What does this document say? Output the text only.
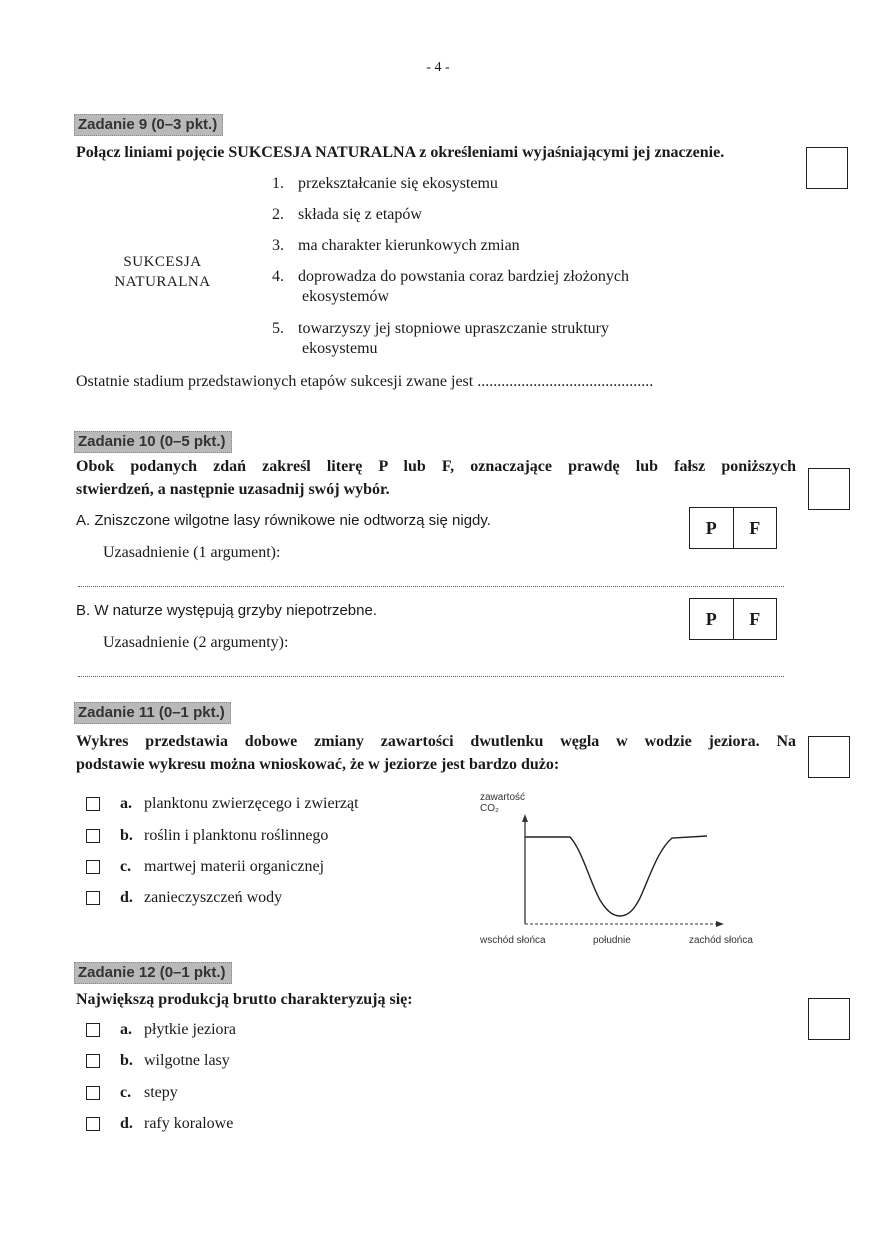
- 4 -
Zadanie 9 (0–3 pkt.)
Połącz liniami pojęcie SUKCESJA NATURALNA z określeniami wyjaśniającymi jej znaczenie.
SUKCESJA
NATURALNA
1. przekształcanie się ekosystemu
2. składa się z etapów
3. ma charakter kierunkowych zmian
4. doprowadza do powstania coraz bardziej złożonych
ekosystemów
5. towarzyszy jej stopniowe upraszczanie struktury
ekosystemu
Ostatnie stadium przedstawionych etapów sukcesji zwane jest ............................................
Zadanie 10 (0–5 pkt.)
Obok podanych zdań zakreśl literę P lub F, oznaczające prawdę lub fałsz poniższych
stwierdzeń, a następnie uzasadnij swój wybór.
A. Zniszczone wilgotne lasy równikowe nie odtworzą się nigdy.	P	F
Uzasadnienie (1 argument):
B. W naturze występują grzyby niepotrzebne.	P	F
Uzasadnienie (2 argumenty):
Zadanie 11 (0–1 pkt.)
Wykres przedstawia dobowe zmiany zawartości dwutlenku węgla w wodzie jeziora. Na
podstawie wykresu można wnioskować, że w jeziorze jest bardzo dużo:
a. planktonu zwierzęcego i zwierząt
b. roślin i planktonu roślinnego
c. martwej materii organicznej
d. zanieczyszczeń wody
zawartość
CO₂
wschód słońca	południe	zachód słońca
Zadanie 12 (0–1 pkt.)
Największą produkcją brutto charakteryzują się:
a. płytkie jeziora
b. wilgotne lasy
c. stepy
d. rafy koralowe
